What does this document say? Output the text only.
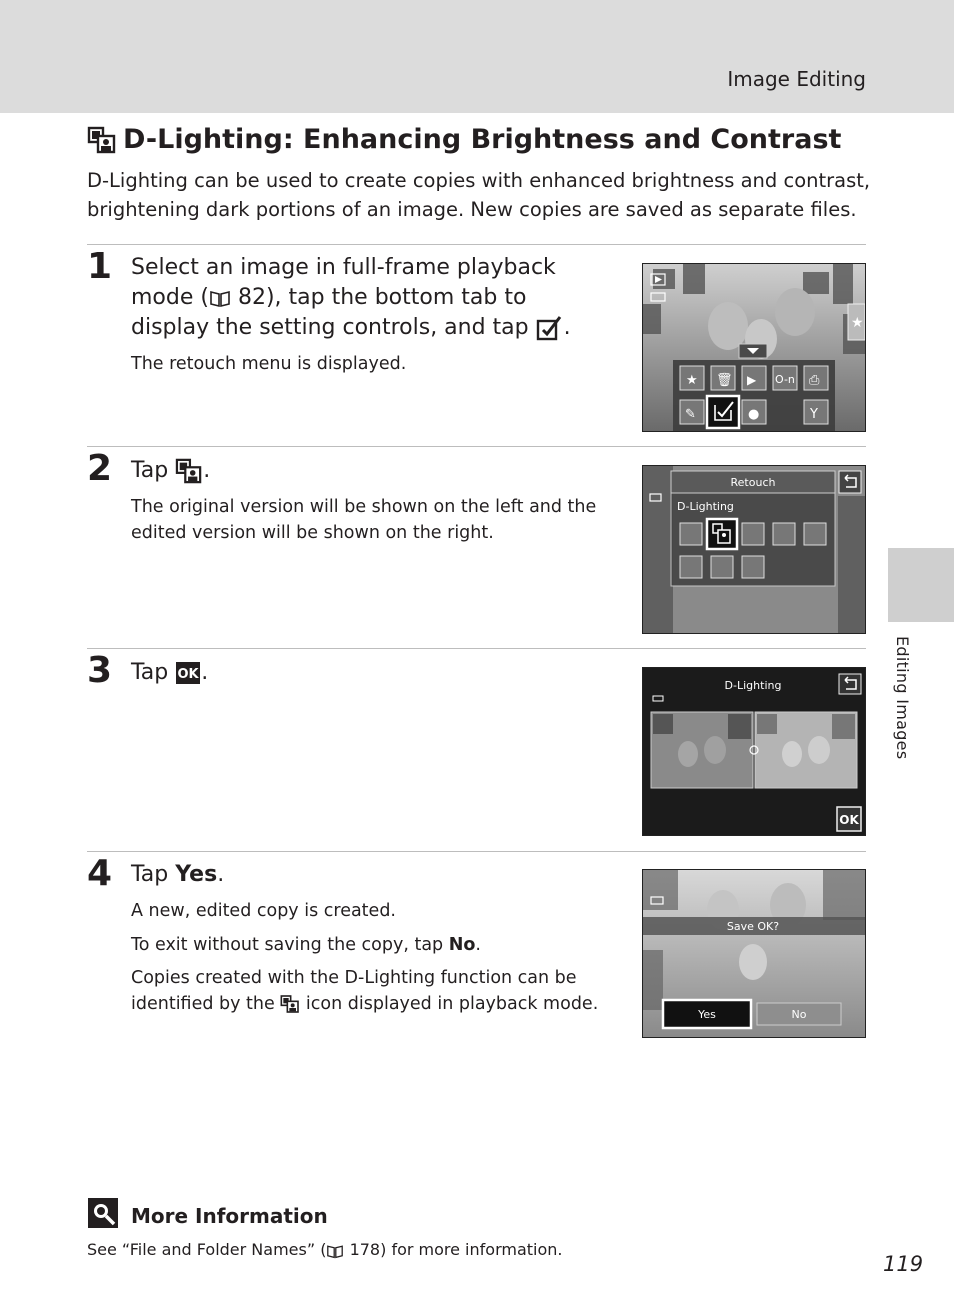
Image Editing
Editing Images
D-Lighting: Enhancing Brightness and Contrast
D-Lighting can be used to create copies with enhanced brightness and contrast, brightening dark portions of an image. New copies are saved as separate files.
1 Select an image in full-frame playback mode ( 82), tap the bottom tab to display the setting controls, and tap .
The retouch menu is displayed.
★
★ 🗑 ▶ O-n ⎙
✎	●	Y
2 Tap .
The original version will be shown on the left and the edited version will be shown on the right.
Retouch
D-Lighting
3 Tap OK .
D-Lighting
OK
4 Tap Yes.
A new, edited copy is created.
To exit without saving the copy, tap No.
Copies created with the D-Lighting function can be identified by the icon displayed in playback mode.
Save OK?
Yes	No
More Information
See “File and Folder Names” ( 178) for more information.
119
